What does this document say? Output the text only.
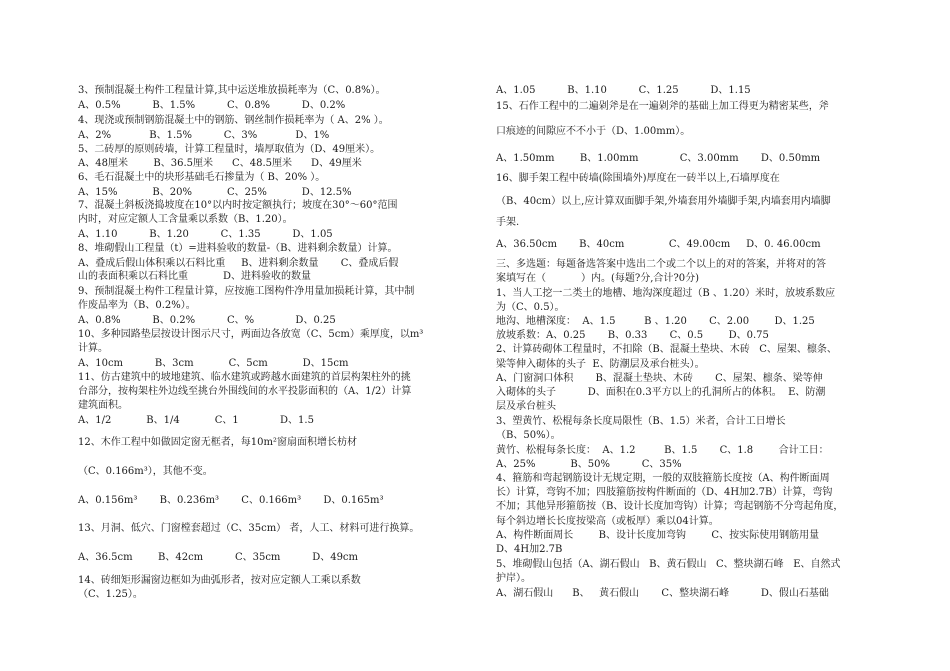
3、预制混凝土构件工程量计算,其中运送堆放损耗率为（C、0.8%）。
A、0.5%          B、1.5%          C、0.8%          D、0.2%
4、现浇或预制钢筋混凝土中的钢筋、钢丝制作损耗率为（ A、2% ）。
A、2%            B、1.5%          C、3%            D、1%
5、二砖厚的原则砖墙，计算工程量时，墙厚取值为（D、49厘米）。
A、48厘米        B、36.5厘米      C、48.5厘米      D、49厘米
6、毛石混凝土中的块形基础毛石掺量为（ B、20% ）。
A、15%           B、20%           C、25%           D、12.5%
7、混凝土斜板浇捣坡度在10°以内时按定额执行；坡度在30°～60°范围
内时，对应定额人工含量乘以系数（B、1.20）。
A、1.10          B、1.20          C、1.35          D、1.05
8、堆砌假山工程量（t）=进料验收的数量-（B、进料剩余数量）计算。
A、叠成后假山体积乘以石料比重     B、进料剩余数量       C、叠成后假
山的表面积乘以石料比重           D、进料验收的数量
9、预制混凝土构件工程量计算，应按施工图构件净用量加损耗计算，其中制
作废品率为（B、0.2%）。
A、0.8%          B、0.2%          C、%             D、0.25
10、多种园路垫层按设计图示尺寸，两面边各放宽（C、5cm）乘厚度，以m³
计算。
A、10cm          B、3cm           C、5cm           D、15cm
11、仿古建筑中的坡地建筑、临水建筑或跨越水面建筑的首层构架柱外的挑
台部分，按构架柱外边线至挑台外围线间的水平投影面积的（A、1/2）计算
建筑面积。
A、1/2           B、1/4           C、1             D、1.5
12、木作工程中如做固定窗无框者，每10m²窗扇面积增长枋材
（C、0.166m³），其他不变。
A、0.156m³       B、0.236m³       C、0.166m³       D、0.165m³
13、月洞、低穴、门窗樘套超过（C、35cm） 者，人工、材料可进行换算。
A、36.5cm        B、42cm          C、35cm          D、49cm
14、砖细矩形漏窗边框如为曲弧形者，按对应定额人工乘以系数
（C、1.25）。
A、1.05          B、1.10          C、1.25          D、1.15
15、石作工程中的二遍剁斧是在一遍剁斧的基础上加工得更为精密某些，斧
口痕迹的间隙应不不小于（D、1.00mm）。
A、1.50mm        B、1.00mm             C、3.00mm       D、0.50mm
16、脚手架工程中砖墙(除围墙外)厚度在一砖半以上,石墙厚度在
（B、40cm）以上,应计算双面脚手架,外墙套用外墙脚手架,内墙套用内墙脚
手架.
A、36.50cm       B、40cm              C、49.00cm     D、0. 46.00cm
三、多选题：每题备选答案中选出二个或二个以上的对的答案，并将对的答
案填写在（           ）内。(每题?分,合计?0分)
1、当人工挖一二类土的地槽、地沟深度超过（B 、1.20）米时，放坡系数应
为（C、0.5）。
地沟、地槽深度：  A、1.5         B 、1.20       C、2.00        D、1.25
放坡系数：A、0.25       B、0.33       C、0.5        D、0.75
2、计算砖砌体工程量时，不扣除（B、混凝土垫块、木砖   C、屋架、檩条、
梁等伸入砌体的头子  E、防潮层及承台桩头）。
A、门窗洞口体积       B、混凝土垫块、木砖       C、屋架、檩条、梁等伸
入砌体的头子          D、面积在0.3平方以上的孔洞所占的体积。  E、防潮
层及承台桩头
3、塑黄竹、松棍每条长度局限性（B、1.5）米者，合计工日增长
（B、50%）。
黄竹、松棍每条长度：  A、1.2         B、1.5       C、1.8        合计工日：
A、25%           B、50%          C、35%
4、箍筋和弯起钢筋设计无规定期，一般的双肢箍筋长度按（A、构件断面周
长）计算，弯钩不加；四肢箍筋按构件断面的（D、4H加2.7B）计算，弯钩
不加；其他异形箍筋按（B、设计长度加弯钩）计算；弯起钢筋不分弯起角度，
每个斜边增长长度按梁高（或板厚）乘以04计算。
A、构件断面周长        B、设计长度加弯钩        C、按实际使用钢筋用量
D、4H加2.7B
5、堆砌假山包括（A、湖石假山   B、黄石假山   C、整块湖石峰   E、自然式
护岸）。
A、湖石假山      B、   黄石假山       C、整块湖石峰          D、假山石基础
